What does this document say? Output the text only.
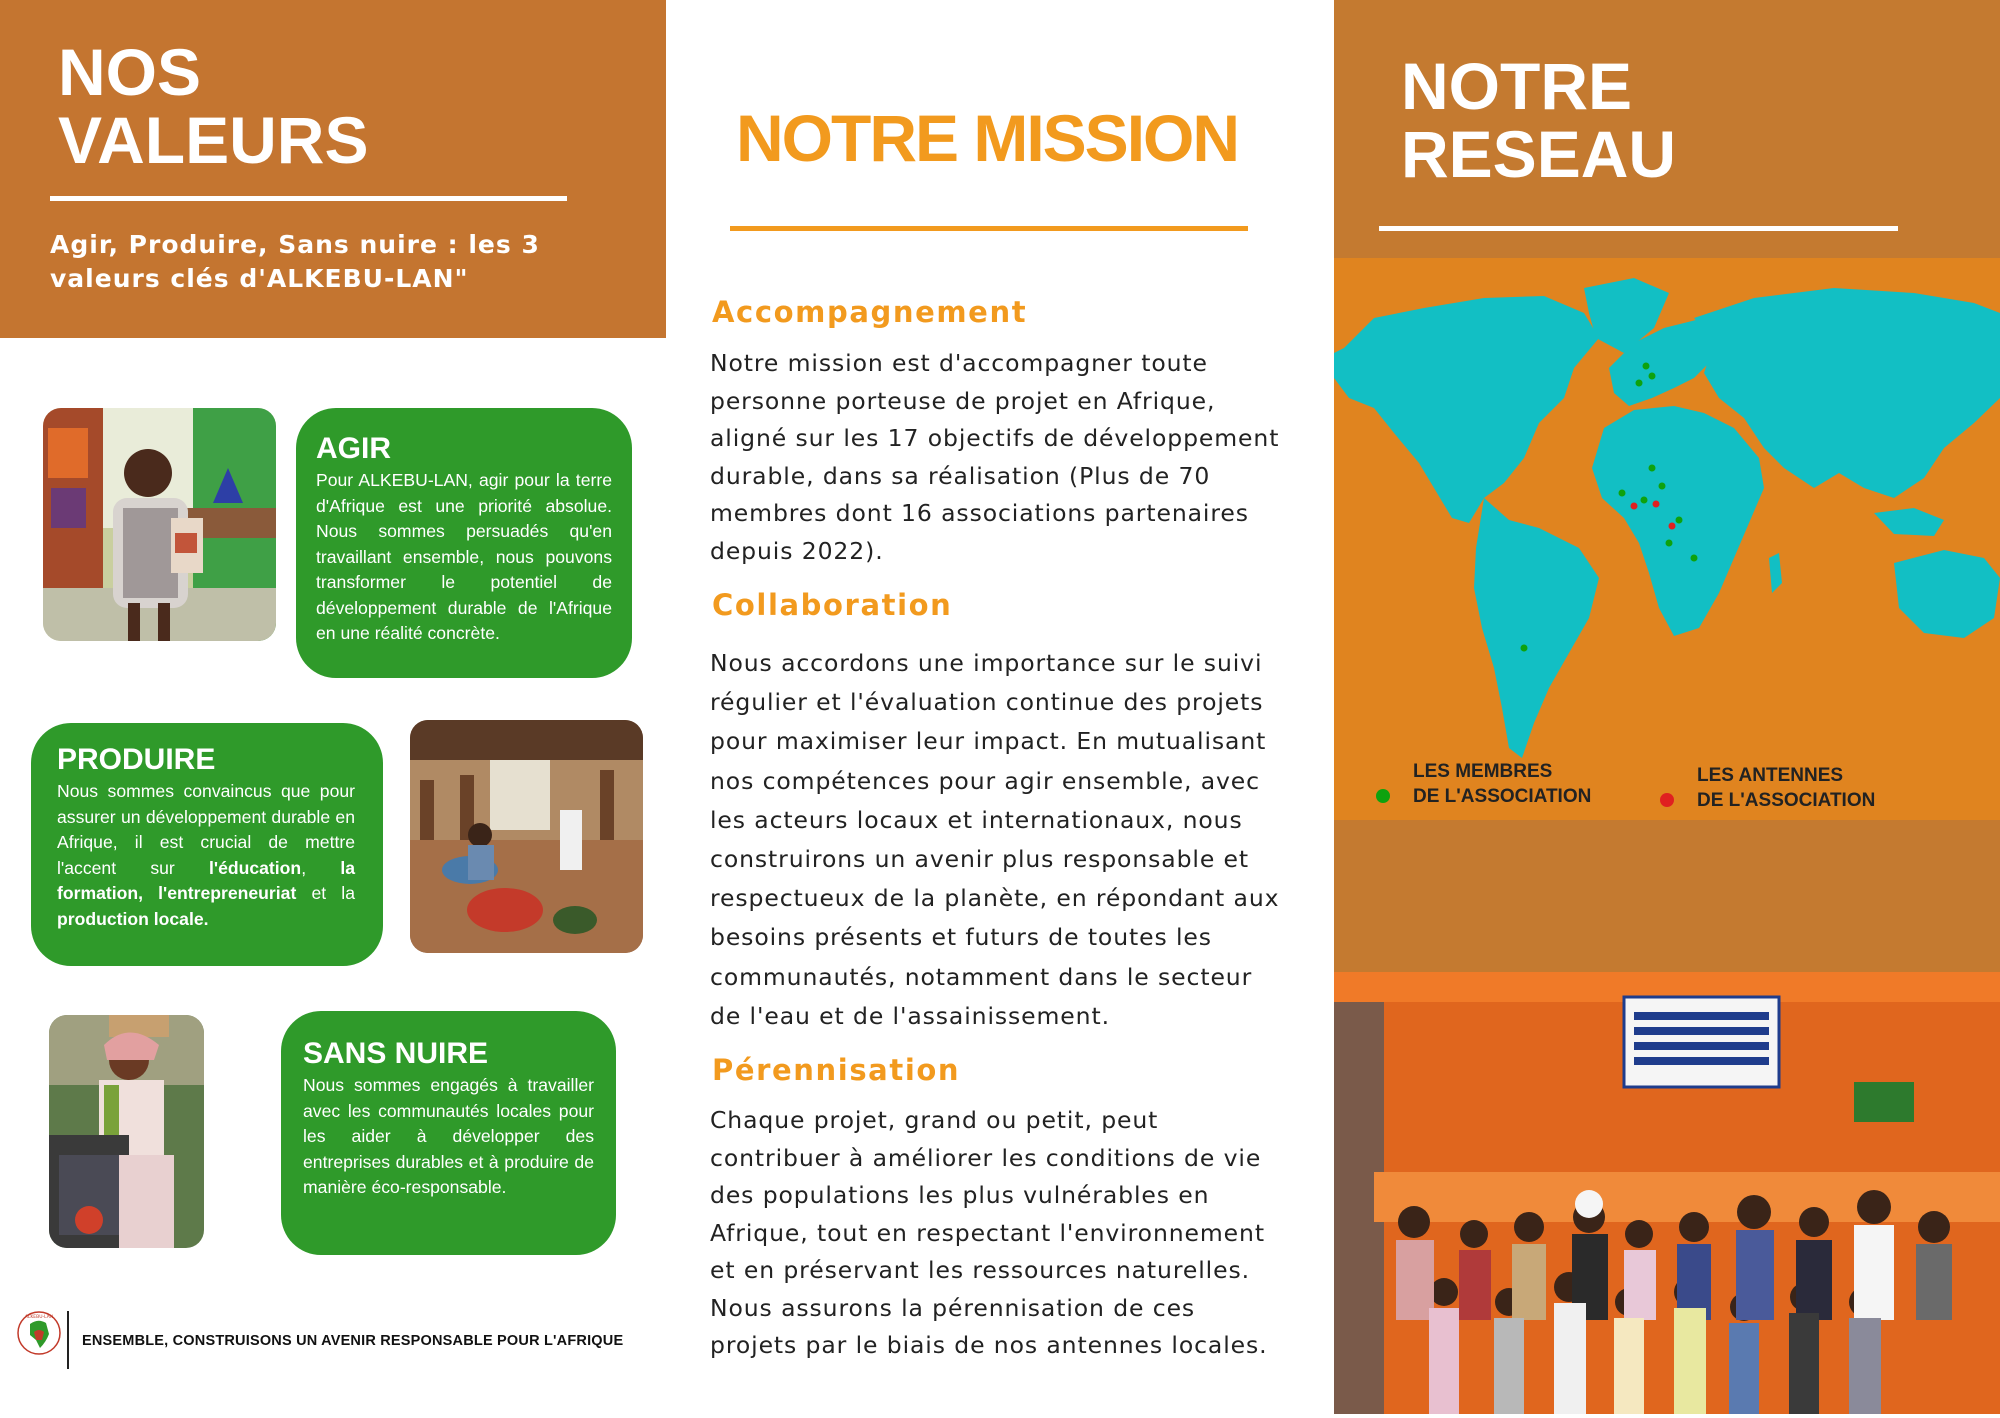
NOS
VALEURS
Agir, Produire, Sans nuire : les 3
valeurs clés d'ALKEBU-LAN"
AGIR

Pour ALKEBU-LAN, agir pour la terre d'Afrique est une priorité absolue. Nous sommes persuadés qu'en travaillant ensemble, nous pouvons transformer le potentiel de développement durable de l'Afrique en une réalité concrète.

PRODUIRE

Nous sommes convaincus que pour assurer un développement durable en Afrique, il est crucial de mettre l'accent sur l'éducation, la formation, l'entrepreneuriat et la production locale.

SANS NUIRE

Nous sommes engagés à travailler avec les communautés locales pour les aider à développer des entreprises durables et à produire de manière éco-responsable.

ALKEBU-LAN
ENSEMBLE, CONSTRUISONS UN AVENIR RESPONSABLE POUR L'AFRIQUE
NOTRE MISSION
Accompagnement

Notre mission est d'accompagner toute personne porteuse de projet en Afrique, aligné sur les 17 objectifs de développement durable, dans sa réalisation (Plus de 70 membres dont 16 associations partenaires depuis 2022).

Collaboration

Nous accordons une importance sur le suivi régulier et l'évaluation continue des projets pour maximiser leur impact. En mutualisant nos compétences pour agir ensemble, avec les acteurs locaux et internationaux, nous construirons un avenir plus responsable et respectueux de la planète, en répondant aux besoins présents et futurs de toutes les communautés, notamment dans le secteur de l'eau et de l'assainissement.

Pérennisation

Chaque projet, grand ou petit, peut contribuer à améliorer les conditions de vie des populations les plus vulnérables en Afrique, tout en respectant l'environnement et en préservant les ressources naturelles. Nous assurons la pérennisation de ces projets par le biais de nos antennes locales.

NOTRE
RESEAU
LES MEMBRES
DE L'ASSOCIATION
LES ANTENNES
DE L'ASSOCIATION
